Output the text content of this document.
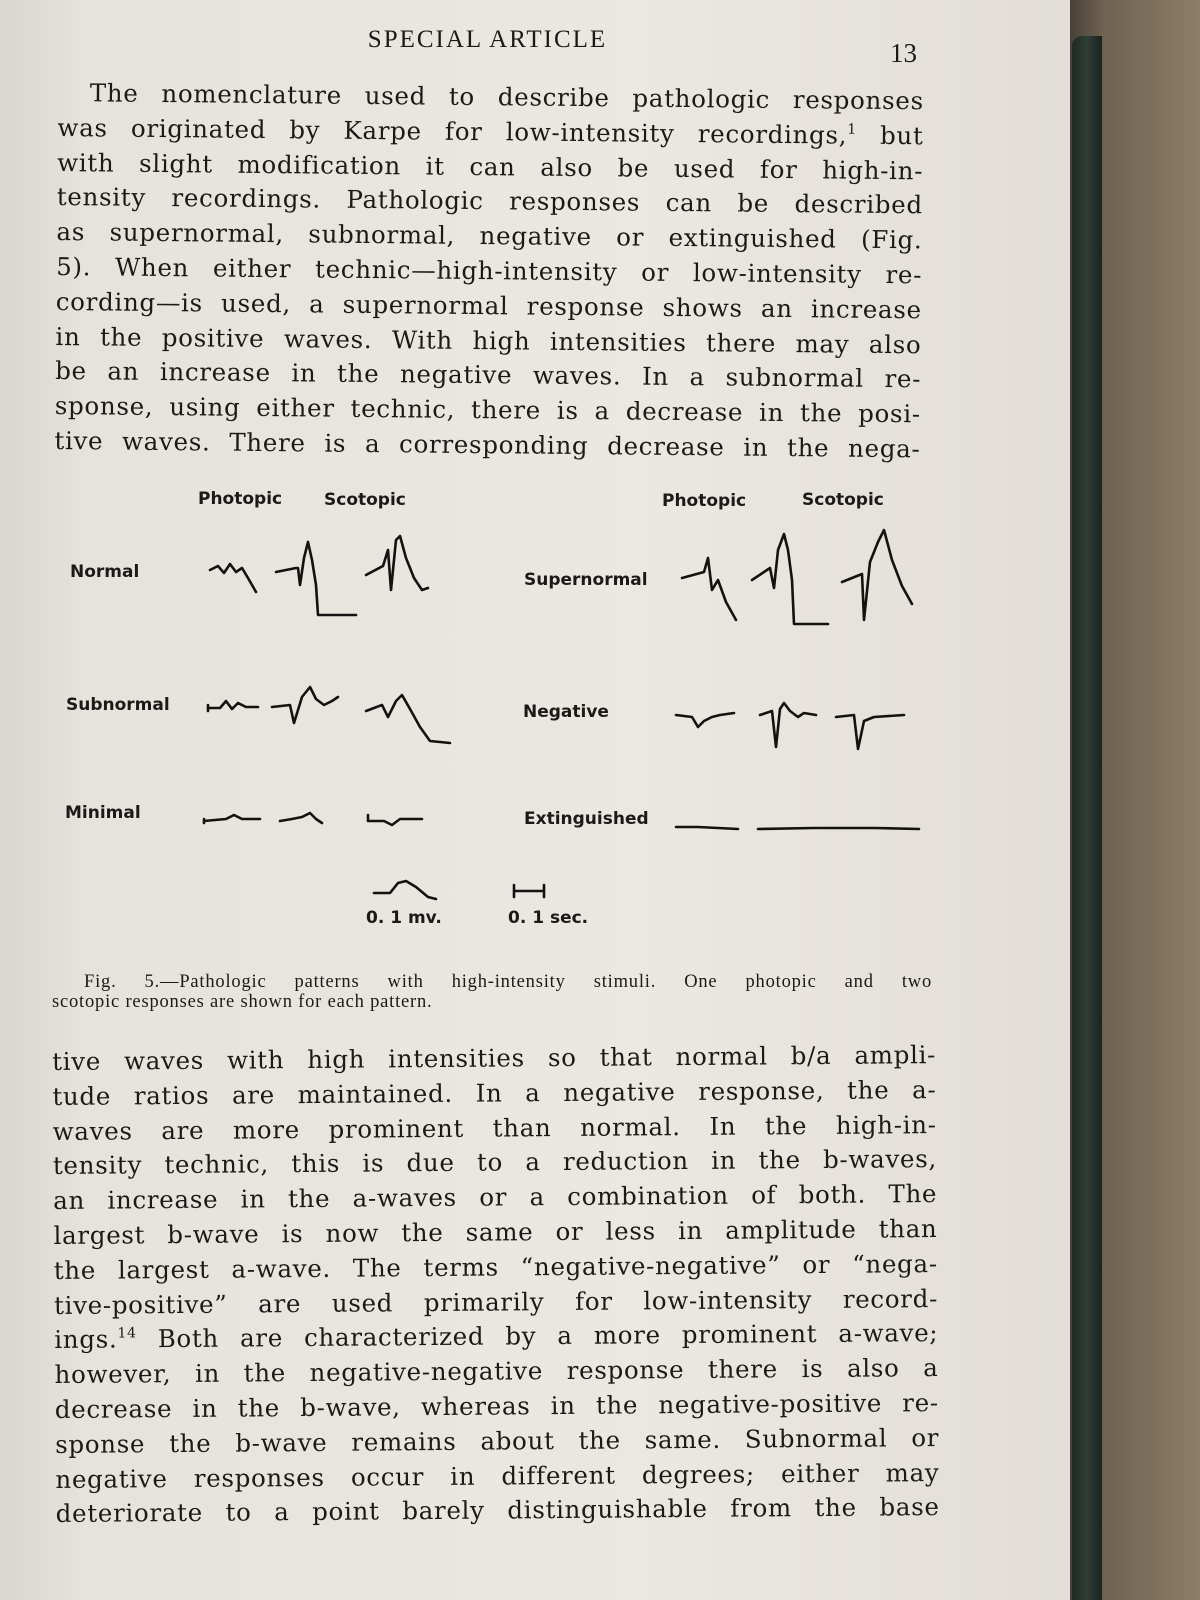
SPECIAL ARTICLE	13
The nomenclature used to describe pathologic responses
was originated by Karpe for low-intensity recordings,$^1$ but
with slight modification it can also be used for high-in-
tensity recordings. Pathologic responses can be described
as supernormal, subnormal, negative or extinguished (Fig.
5). When either technic—high-intensity or low-intensity re-
cording—is used, a supernormal response shows an increase
in the positive waves. With high intensities there may also
be an increase in the negative waves. In a subnormal re-
sponse, using either technic, there is a decrease in the posi-
tive waves. There is a corresponding decrease in the nega-
Photopic Scotopic	Photopic	Scotopic
Normal
Subnormal
Minimal
Supernormal
Negative
Extinguished
0. 1 mv.	0. 1 sec.
Fig. 5.—Pathologic patterns with high-intensity stimuli. One photopic and two
scotopic responses are shown for each pattern.
tive waves with high intensities so that normal b/a ampli-
tude ratios are maintained. In a negative response, the a-
waves are more prominent than normal. In the high-in-
tensity technic, this is due to a reduction in the b-waves,
an increase in the a-waves or a combination of both. The
largest b-wave is now the same or less in amplitude than
the largest a-wave. The terms “negative-negative” or “nega-
tive-positive” are used primarily for low-intensity record-
ings.$^{14}$ Both are characterized by a more prominent a-wave;
however, in the negative-negative response there is also a
decrease in the b-wave, whereas in the negative-positive re-
sponse the b-wave remains about the same. Subnormal or
negative responses occur in different degrees; either may
deteriorate to a point barely distinguishable from the base
